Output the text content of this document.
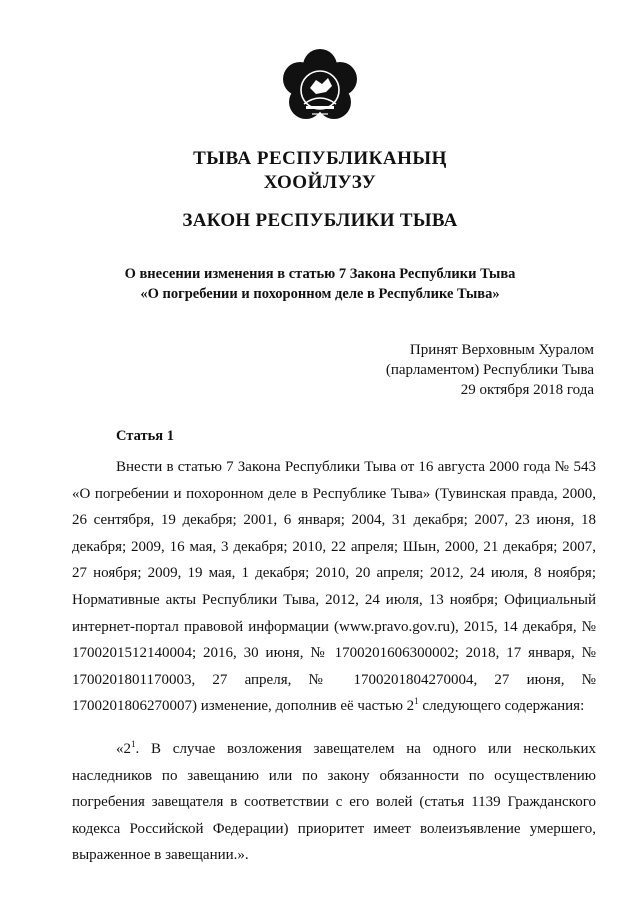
ТЫВА РЕСПУБЛИКАНЫҢ
ХООЙЛУЗУ
ЗАКОН РЕСПУБЛИКИ ТЫВА
О внесении изменения в статью 7 Закона Республики Тыва
«О погребении и похоронном деле в Республике Тыва»
Принят Верховным Хуралом
(парламентом) Республики Тыва
29 октября 2018 года
Статья 1

Внести в статью 7 Закона Республики Тыва от 16 августа 2000 года № 543 «О погребении и похоронном деле в Республике Тыва» (Тувинская правда, 2000, 26 сентября, 19 декабря; 2001, 6 января; 2004, 31 декабря; 2007, 23 июня, 18 декабря; 2009, 16 мая, 3 декабря; 2010, 22 апреля; Шын, 2000, 21 декабря; 2007, 27 ноября; 2009, 19 мая, 1 декабря; 2010, 20 апреля; 2012, 24 июля, 8 ноября; Нормативные акты Республики Тыва, 2012, 24 июля, 13 ноября; Официальный интернет-портал правовой информации (www.pravo.gov.ru), 2015, 14 декабря, № 1700201512140004; 2016, 30 июня, № 1700201606300002; 2018, 17 января, № 1700201801170003, 27 апреля, № 1700201804270004, 27 июня, № 1700201806270007) изменение, дополнив её частью $2^1$ следующего содержания:

«$2^1$. В случае возложения завещателем на одного или нескольких наследников по завещанию или по закону обязанности по осуществлению погребения завещателя в соответствии с его волей (статья 1139 Гражданского кодекса Российской Федерации) приоритет имеет волеизъявление умершего, выраженное в завещании.».
